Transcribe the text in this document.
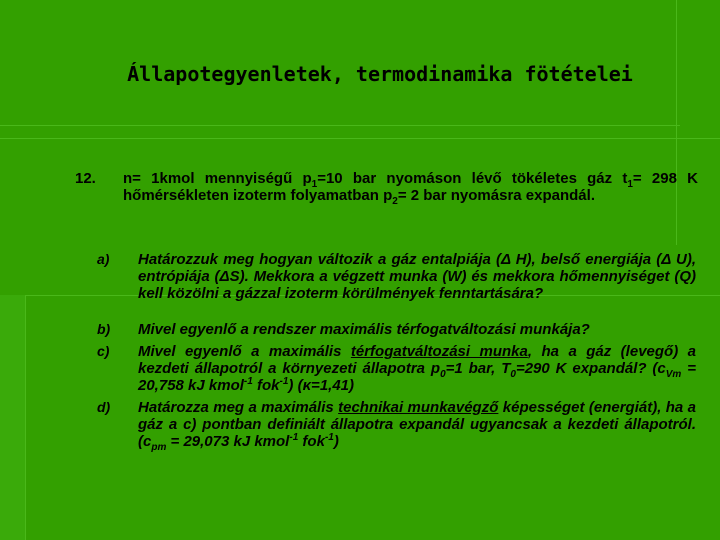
Állapotegyenletek, termodinamika fötételei
12. n= 1kmol mennyiségű $p_1=10$ bar nyomáson lévő tökéletes gáz $t_1= 298$ K hőmérsékleten izoterm folyamatban $p_2= 2$ bar nyomásra expandál.
a) Határozzuk meg hogyan változik a gáz entalpiája (Δ H), belső energiája (Δ U), entrópiája (ΔS). Mekkora a végzett munka (W) és mekkora hőmennyiséget (Q) kell közölni a gázzal izoterm körülmények fenntartására?
b) Mivel egyenlő a rendszer maximális térfogatváltozási munkája?
c) Mivel egyenlő a maximális térfogatváltozási munka, ha a gáz (levegő) a kezdeti állapotról a környezeti állapotra $p_0=1$ bar, $T_0=290$ K expandál? ($c_{Vm} = 20,758$ kJ kmol$^{-1}$ fok$^{-1}$) (κ=1,41)
d) Határozza meg a maximális technikai munkavégző képességet (energiát), ha a gáz a c) pontban definiált állapotra expandál ugyancsak a kezdeti állapotról. ($c_{pm} = 29,073$ kJ kmol$^{-1}$ fok$^{-1}$)
